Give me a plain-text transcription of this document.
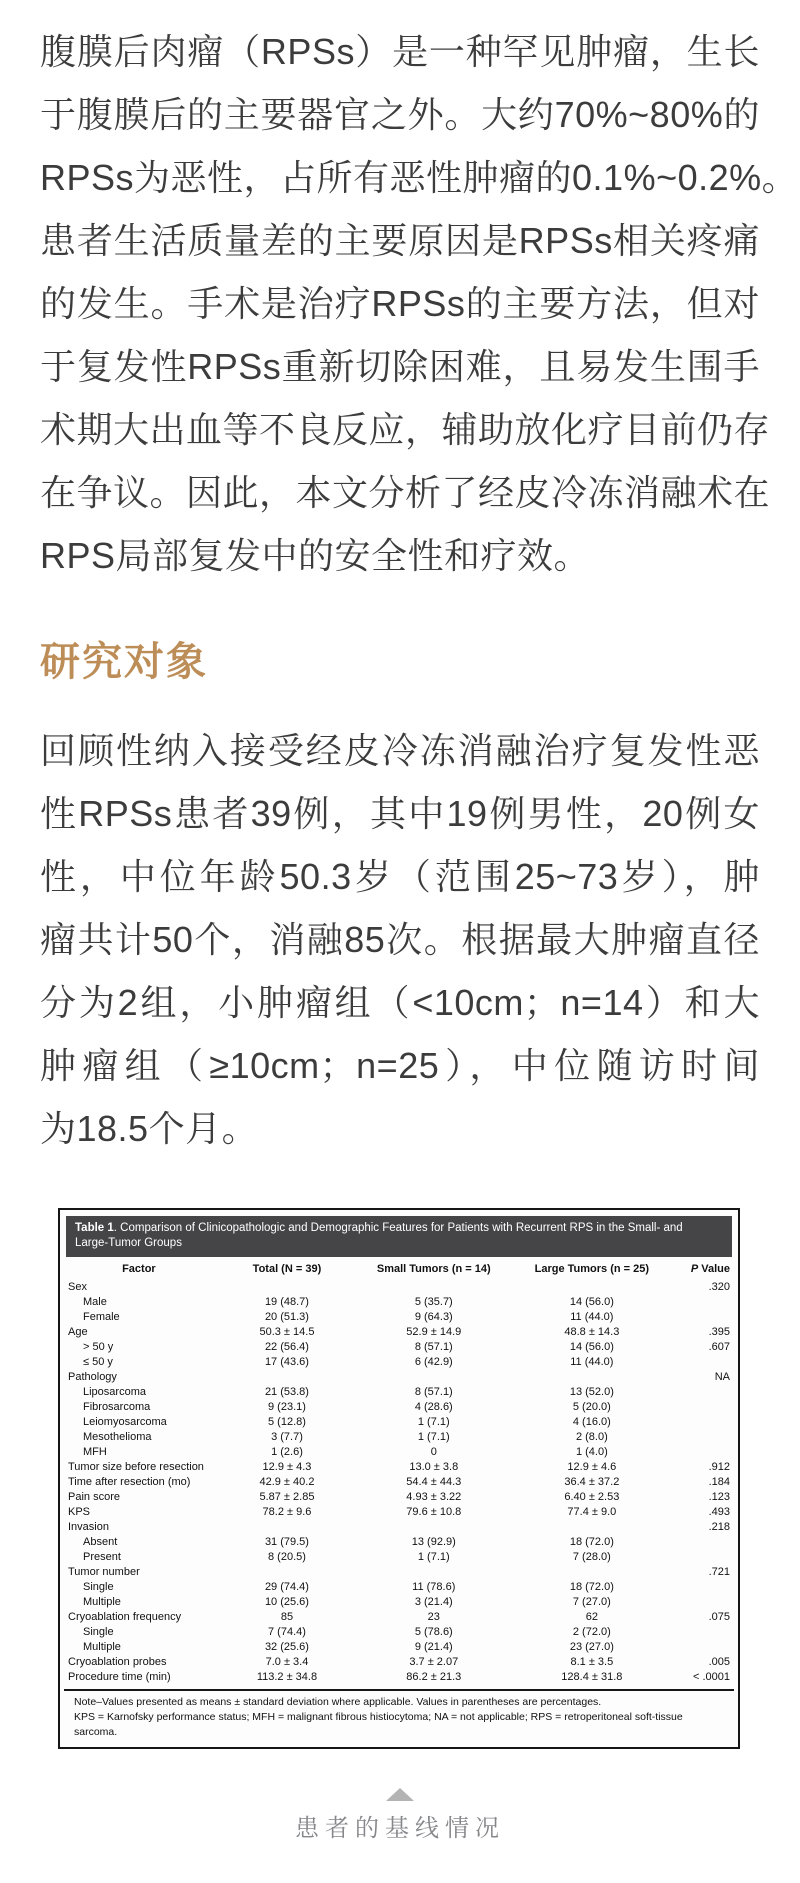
腹膜后肉瘤（RPSs）是一种罕见肿瘤，生长
于腹膜后的主要器官之外。大约70%~80%的
RPSs为恶性，占所有恶性肿瘤的0.1%~0.2%。
患者生活质量差的主要原因是RPSs相关疼痛
的发生。手术是治疗RPSs的主要方法，但对
于复发性RPSs重新切除困难，且易发生围手
术期大出血等不良反应，辅助放化疗目前仍存
在争议。因此，本文分析了经皮冷冻消融术在
RPS局部复发中的安全性和疗效。
研究对象
回顾性纳入接受经皮冷冻消融治疗复发性恶
性RPSs患者39例，其中19例男性，20例女
性，中位年龄50.3岁（范围25~73岁），肿
瘤共计50个，消融85次。根据最大肿瘤直径
分为2组，小肿瘤组（<10cm；n=14）和大
肿瘤组（≥10cm；n=25），中位随访时间
为18.5个月。
Table 1. Comparison of Clinicopathologic and Demographic Features for Patients with Recurrent RPS in the Small- and Large-Tumor Groups
Factor	Total (N = 39)	Small Tumors (n = 14)	Large Tumors (n = 25)	P Value
Sex				.320
Male	19 (48.7)	5 (35.7)	14 (56.0)	
Female	20 (51.3)	9 (64.3)	11 (44.0)	
Age	50.3 ± 14.5	52.9 ± 14.9	48.8 ± 14.3	.395
> 50 y	22 (56.4)	8 (57.1)	14 (56.0)	.607
≤ 50 y	17 (43.6)	6 (42.9)	11 (44.0)	
Pathology				NA
Liposarcoma	21 (53.8)	8 (57.1)	13 (52.0)	
Fibrosarcoma	9 (23.1)	4 (28.6)	5 (20.0)	
Leiomyosarcoma	5 (12.8)	1 (7.1)	4 (16.0)	
Mesothelioma	3 (7.7)	1 (7.1)	2 (8.0)	
MFH	1 (2.6)	0	1 (4.0)	
Tumor size before resection	12.9 ± 4.3	13.0 ± 3.8	12.9 ± 4.6	.912
Time after resection (mo)	42.9 ± 40.2	54.4 ± 44.3	36.4 ± 37.2	.184
Pain score	5.87 ± 2.85	4.93 ± 3.22	6.40 ± 2.53	.123
KPS	78.2 ± 9.6	79.6 ± 10.8	77.4 ± 9.0	.493
Invasion				.218
Absent	31 (79.5)	13 (92.9)	18 (72.0)	
Present	8 (20.5)	1 (7.1)	7 (28.0)	
Tumor number				.721
Single	29 (74.4)	11 (78.6)	18 (72.0)	
Multiple	10 (25.6)	3 (21.4)	7 (27.0)	
Cryoablation frequency	85	23	62	.075
Single	7 (74.4)	5 (78.6)	2 (72.0)	
Multiple	32 (25.6)	9 (21.4)	23 (27.0)	
Cryoablation probes	7.0 ± 3.4	3.7 ± 2.07	8.1 ± 3.5	.005
Procedure time (min)	113.2 ± 34.8	86.2 ± 21.3	128.4 ± 31.8	< .0001
Note–Values presented as means ± standard deviation where applicable. Values in parentheses are percentages.
KPS = Karnofsky performance status; MFH = malignant fibrous histiocytoma; NA = not applicable; RPS = retroperitoneal soft-tissue sarcoma.
患者的基线情况
